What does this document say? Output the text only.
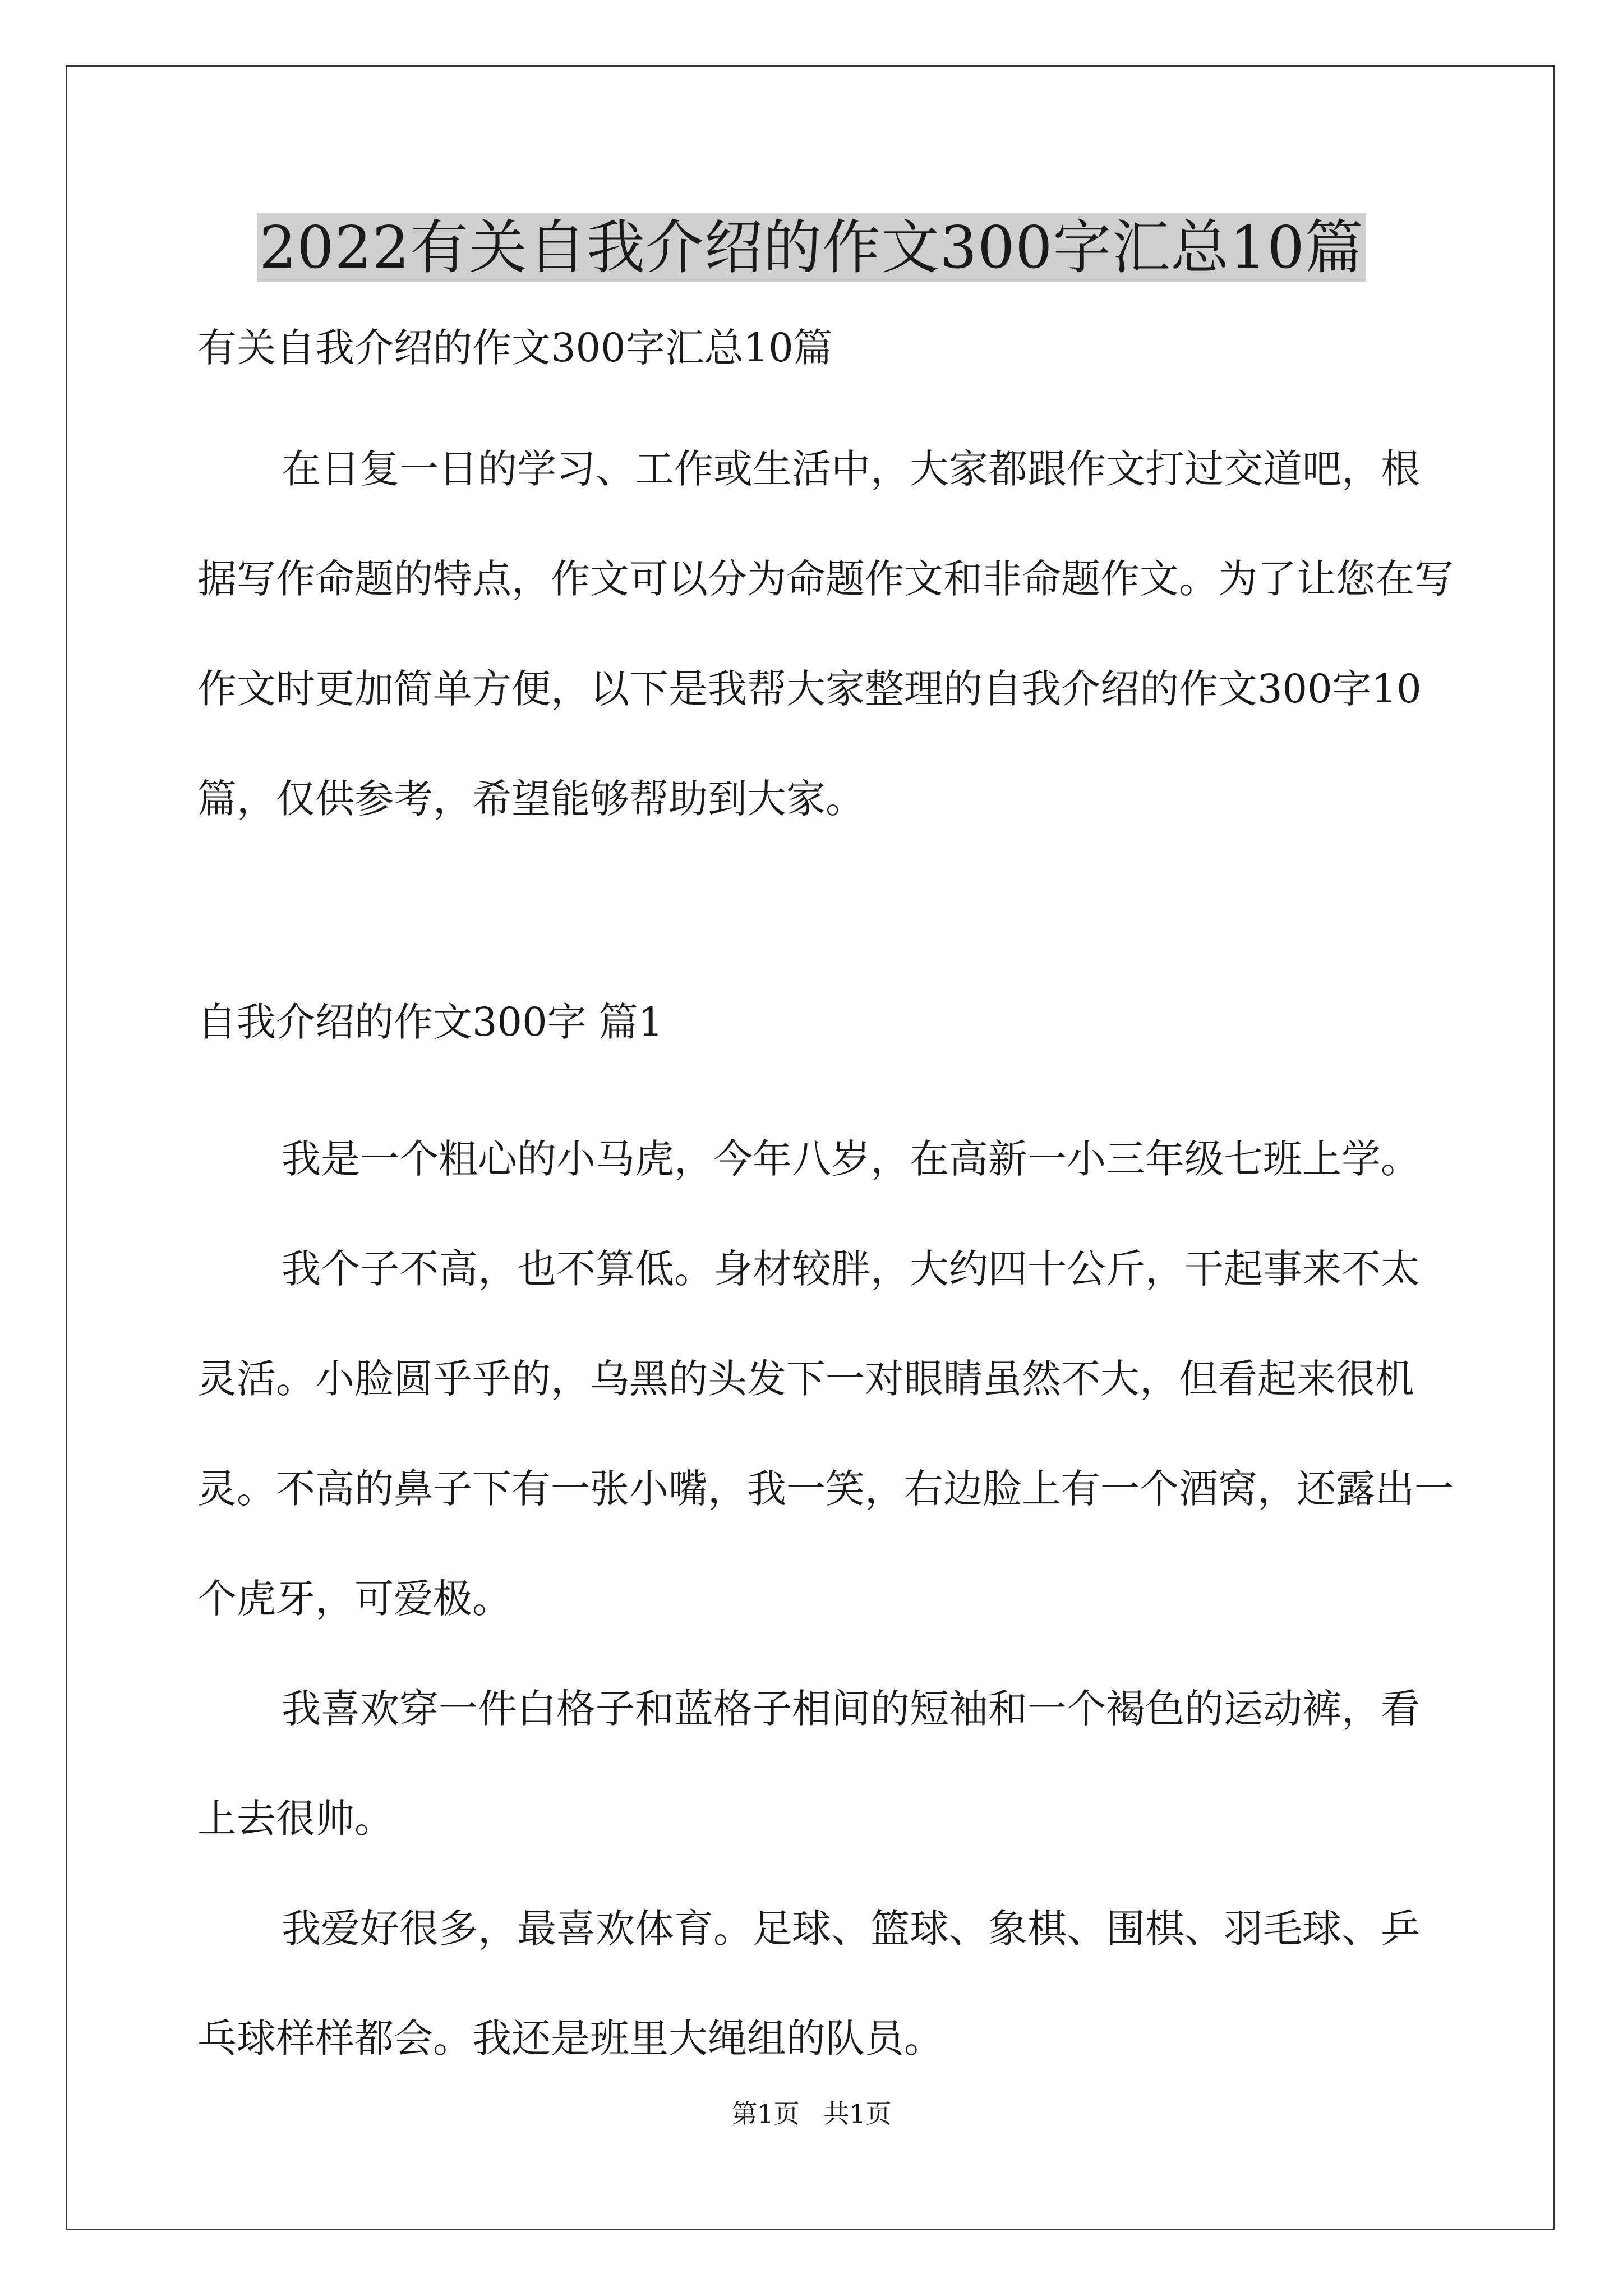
2022有关自我介绍的作文300字汇总10篇

有关自我介绍的作文300字汇总10篇

在日复一日的学习、工作或生活中，大家都跟作文打过交道吧，根据写作命题的特点，作文可以分为命题作文和非命题作文。为了让您在写作文时更加简单方便，以下是我帮大家整理的自我介绍的作文300字10篇，仅供参考，希望能够帮助到大家。

自我介绍的作文300字 篇1

我是一个粗心的小马虎，今年八岁，在高新一小三年级七班上学。

我个子不高，也不算低。身材较胖，大约四十公斤，干起事来不太灵活。小脸圆乎乎的，乌黑的头发下一对眼睛虽然不大，但看起来很机灵。不高的鼻子下有一张小嘴，我一笑，右边脸上有一个酒窝，还露出一个虎牙，可爱极。

我喜欢穿一件白格子和蓝格子相间的短袖和一个褐色的运动裤，看上去很帅。

我爱好很多，最喜欢体育。足球、篮球、象棋、围棋、羽毛球、乒乓球样样都会。我还是班里大绳组的队员。

第1页 共1页
